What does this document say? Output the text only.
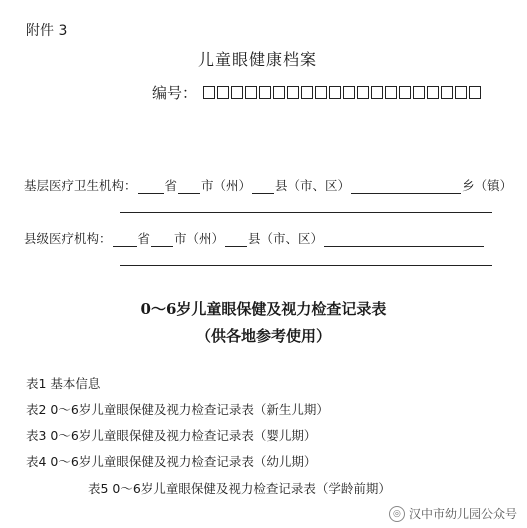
附件 3
儿童眼健康档案
编号：
基层医疗卫生机构： 省 市（州） 县（市、区）	乡（镇）
县级医疗机构： 省 市（州） 县（市、区）
0～6岁儿童眼保健及视力检查记录表
（供各地参考使用）
表1 基本信息
表2 0～6岁儿童眼保健及视力检查记录表（新生儿期）
表3 0～6岁儿童眼保健及视力检查记录表（婴儿期）
表4 0～6岁儿童眼保健及视力检查记录表（幼儿期）
表5 0～6岁儿童眼保健及视力检查记录表（学龄前期）
◎ 汉中市幼儿园公众号
